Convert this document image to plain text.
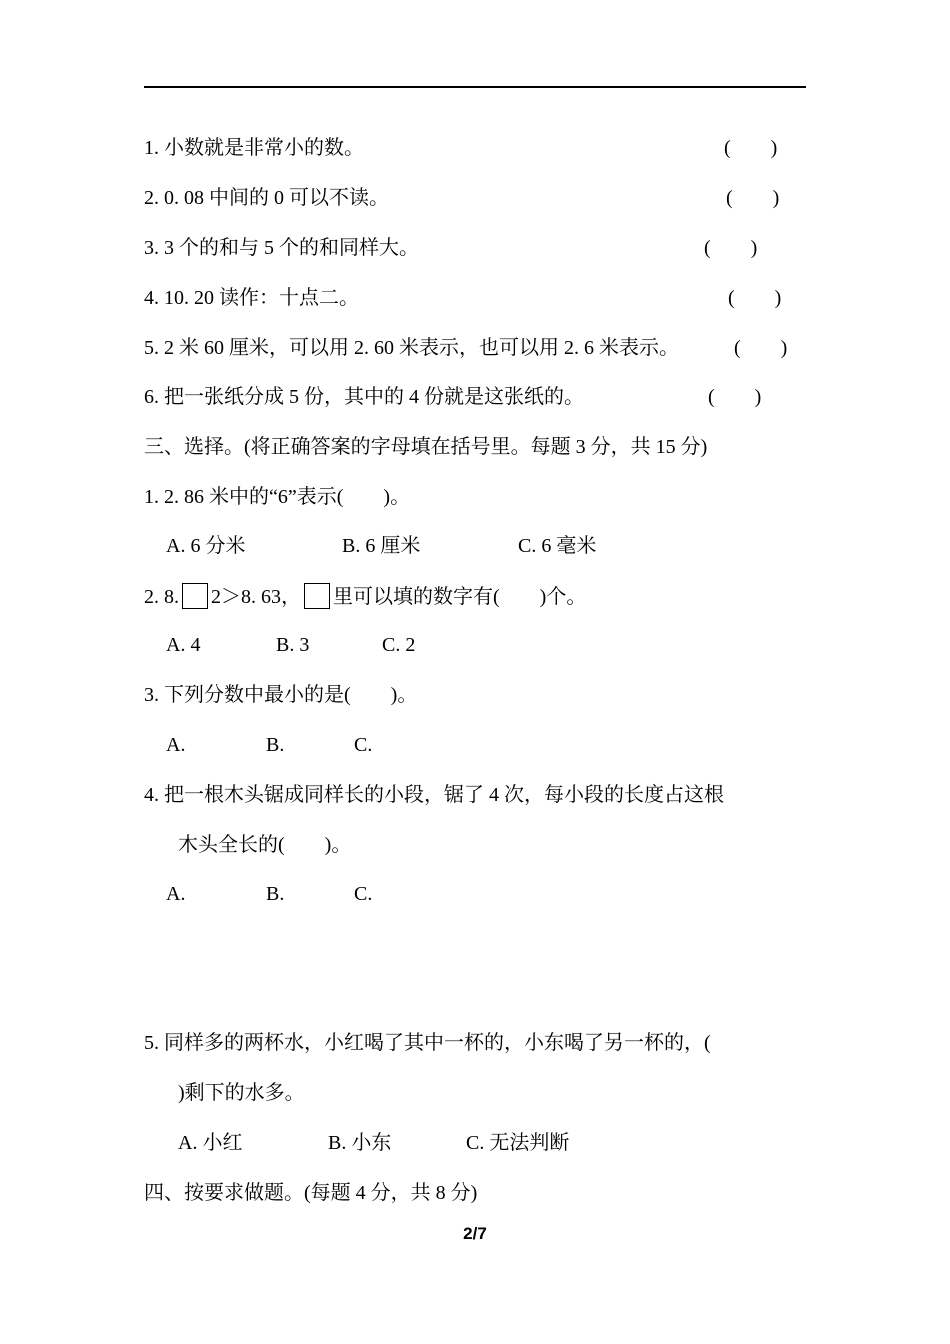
1. 小数就是非常小的数。	(　　)
2. 0. 08 中间的 0 可以不读。	(　　)
3. 3 个的和与 5 个的和同样大。	(　　)
4. 10. 20 读作：十点二。	(　　)
5. 2 米 60 厘米，可以用 2. 60 米表示，也可以用 2. 6 米表示。	(　　)
6. 把一张纸分成 5 份，其中的 4 份就是这张纸的。	(　　)
三、选择。(将正确答案的字母填在括号里。每题 3 分，共 15 分)
1. 2. 86 米中的“6”表示(　　)。
A. 6 分米	B. 6 厘米	C. 6 毫米
2. 8. 2＞8. 63， 里可以填的数字有(　　)个。
A. 4	B. 3	C. 2
3. 下列分数中最小的是(　　)。
A.	B.	C.
4. 把一根木头锯成同样长的小段，锯了 4 次，每小段的长度占这根
木头全长的(　　)。
A.	B.	C.
5. 同样多的两杯水，小红喝了其中一杯的，小东喝了另一杯的，(
)剩下的水多。
A. 小红	B. 小东	C. 无法判断
四、按要求做题。(每题 4 分，共 8 分)
2/7
